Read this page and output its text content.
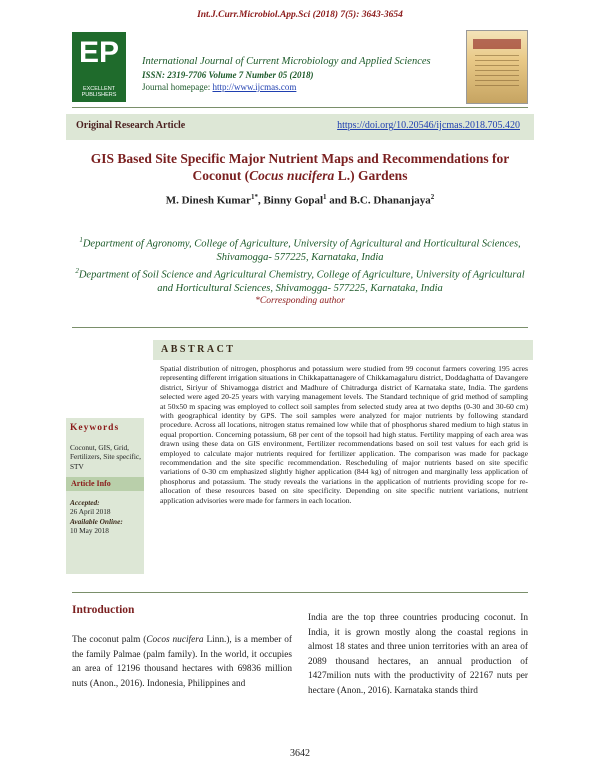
Int.J.Curr.Microbiol.App.Sci (2018) 7(5): 3643-3654
EP
EXCELLENT PUBLISHERS
International Journal of Current Microbiology and Applied Sciences
ISSN: 2319-7706 Volume 7 Number 05 (2018)
Journal homepage: http://www.ijcmas.com
Original Research Article	https://doi.org/10.20546/ijcmas.2018.705.420
GIS Based Site Specific Major Nutrient Maps and Recommendations for
Coconut (Cocus nucifera L.) Gardens
M. Dinesh Kumar$^{1*}$, Binny Gopal$^1$ and B.C. Dhananjaya$^2$
$^1$Department of Agronomy, College of Agriculture, University of Agricultural and Horticultural Sciences, Shivamogga- 577225, Karnataka, India
$^2$Department of Soil Science and Agricultural Chemistry, College of Agriculture, University of Agricultural and Horticultural Sciences, Shivamogga- 577225, Karnataka, India
*Corresponding author
ABSTRACT
Spatial distribution of nitrogen, phosphorus and potassium were studied from 99 coconut farmers covering 195 acres representing different irrigation situations in Chikkapattanagere of Chikkamagaluru district, Doddaghatta of Davangere district, Siriyur of Shivamogga district and Madhure of Chitradurga district of Karnataka state, India. The gardens selected were aged 20-25 years with varying management levels. The Standard technique of grid method of sampling at 50x50 m spacing was employed to collect soil samples from selected study area at two depths (0-30 and 30-60 cm) with geographical identity by GPS. The soil samples were analyzed for major nutrients by following standard procedure. Across all locations, nitrogen status remained low while that of phosphorus shared medium to high status in equal proportion. Concerning potassium, 68 per cent of the topsoil had high status. Fertility mapping of each area was drawn using these data on GIS environment, Fertilizer recommendations based on soil test values for each grid is employed to calculate major nutrients required for fertilizer application. The comparison was made for package recommendation and the site specific recommendation. Rescheduling of major nutrients based on site specific variations of 0-30 cm emphasized slightly higher application (844 kg) of nitrogen and marginally less application of phosphorus and potassium. The study reveals the variations in the application of nutrients providing scope for re-allocation of these resources based on site specificity. Depending on site specific nutrient variations, nutrient application advisories were made for farmers in each location.
Keywords
Coconut, GIS, Grid, Fertilizers, Site specific, STV
Article Info
Accepted:
26 April 2018
Available Online:
10 May 2018
Introduction
The coconut palm (Cocos nucifera Linn.), is a member of the family Palmae (palm family). In the world, it occupies an area of 12196 thousand hectares with 69836 million nuts (Anon., 2016). Indonesia, Philippines and
India are the top three countries producing coconut. In India, it is grown mostly along the coastal regions in almost 18 states and three union territories with an area of 2089 thousand hectares, an annual production of 1427milion nuts with the productivity of 22167 nuts per hectare (Anon., 2016). Karnataka stands third
3642
